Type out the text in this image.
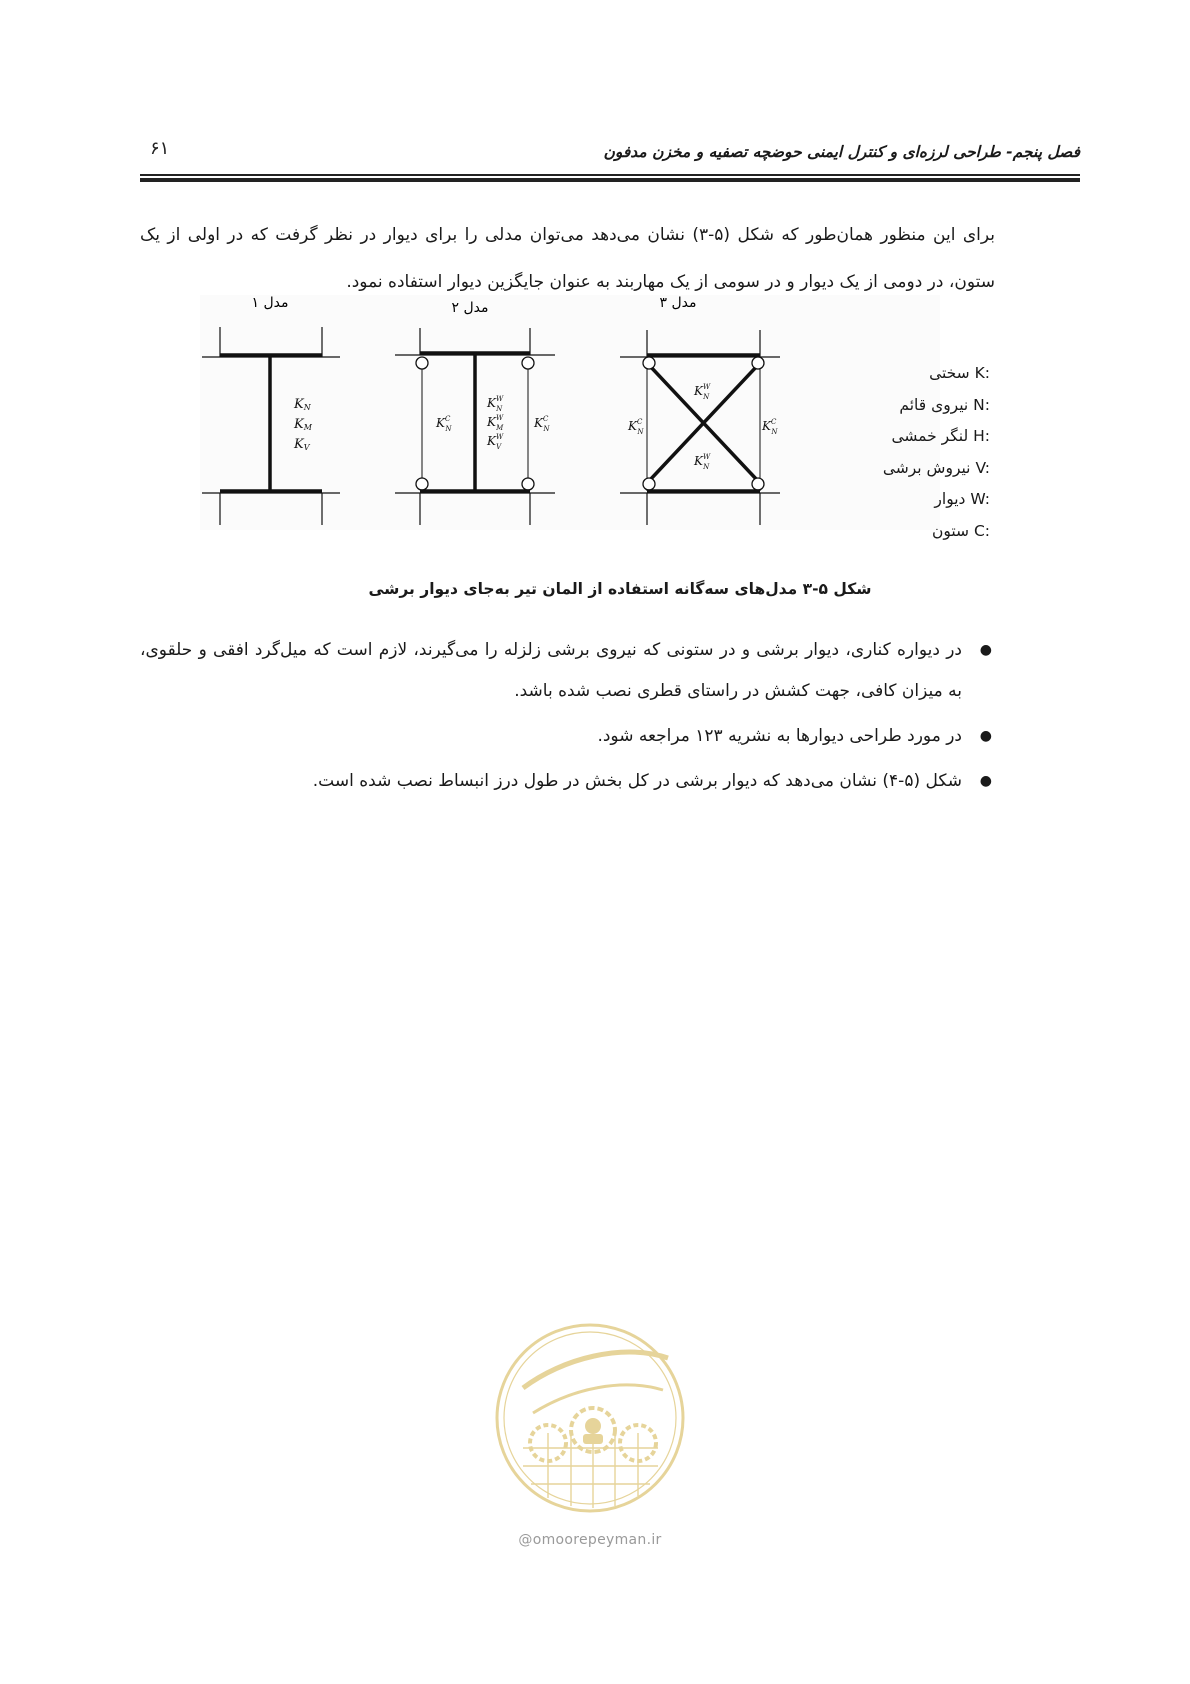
۶۱	فصل پنجم- طراحی لرزه‌ای و کنترل ایمنی حوضچه تصفیه و مخزن مدفون
برای این منظور همان‌طور که شکل (۵-۳) نشان می‌دهد می‌توان مدلی را برای دیوار در نظر گرفت که در اولی از یک ستون، در دومی از یک دیوار و در سومی از یک مهاربند به عنوان جایگزین دیوار استفاده نمود.
مدل ۱	مدل ۲	مدل ۳
KN
KM
KV
$K^C$ N
$K^W$ N
$K^W$ M
$K^W$ V
$K^C$ N
$K^W$ N
$K^C$ N	$K^C$ N
$K^W$ N
سختی K:
نیروی قائم N:
لنگر خمشی H:
نیروش برشی V:
دیوار W:
ستون C:
شکل ۵-۳ مدل‌های سه‌گانه استفاده از المان تیر به‌جای دیوار برشی
●
در دیواره کناری، دیوار برشی و در ستونی که نیروی برشی زلزله را می‌گیرند، لازم است که میل‌گرد افقی و حلقوی، به میزان کافی، جهت کشش در راستای قطری نصب شده باشد.
●
در مورد طراحی دیوارها به نشریه ۱۲۳ مراجعه شود.
●
شکل (۵-۴) نشان می‌دهد که دیوار برشی در کل بخش در طول درز انبساط نصب شده است.
@omoorepeyman.ir
